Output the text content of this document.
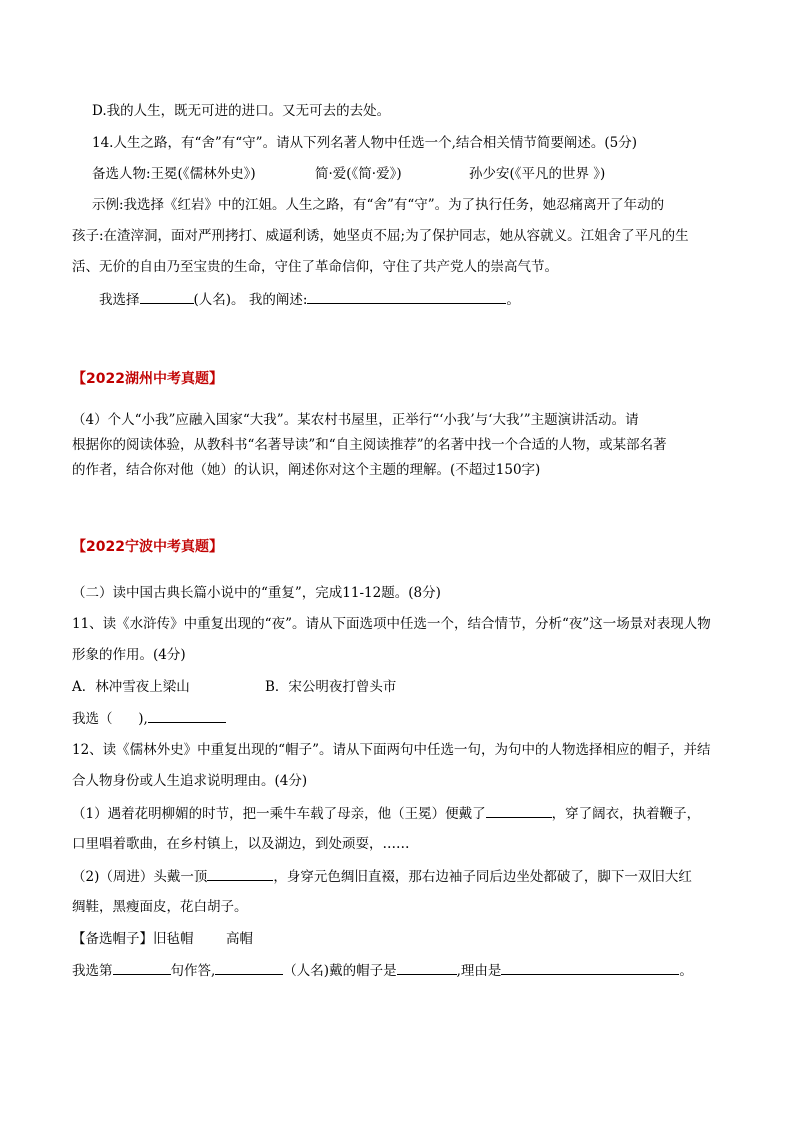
D.我的人生，既无可进的进口。又无可去的去处。
14.人生之路，有“舍”有“守”。请从下列名著人物中任选一个,结合相关情节简要阐述。(5分)
备选人物:王冕(《儒林外史》)	简·爱(《简·爱》)	孙少安(《平凡的世界 》)
示例:我选择《红岩》中的江姐。人生之路，有“舍”有“守”。为了执行任务，她忍痛离开了年动的
孩子:在渣滓洞，面对严刑拷打、威逼利诱，她坚贞不屈;为了保护同志，她从容就义。江姐舍了平凡的生
活、无价的自由乃至宝贵的生命，守住了革命信仰，守住了共产党人的崇高气节。
我选择	(人名)。 我的阐述:	。
【2022湖州中考真题】
（4）个人“小我”应融入国家“大我”。某农村书屋里，正举行“‘小我’与‘大我’”主题演讲活动。请
根据你的阅读体验，从教科书“名著导读”和“自主阅读推荐”的名著中找一个合适的人物，或某部名著
的作者，结合你对他（她）的认识，阐述你对这个主题的理解。(不超过150字)
【2022宁波中考真题】
（二）读中国古典长篇小说中的“重复”，完成11-12题。(8分)
11、读《水浒传》中重复出现的“夜”。请从下面选项中任选一个，结合情节，分析“夜”这一场景对表现人物
形象的作用。(4分)
A．林冲雪夜上梁山	B．宋公明夜打曾头市
我选（      ),
12、读《儒林外史》中重复出现的“帽子”。请从下面两句中任选一句，为句中的人物选择相应的帽子，并结
合人物身份或人生追求说明理由。(4分)
（1）遇着花明柳媚的时节，把一乘牛车载了母亲，他（王冕）便戴了	，穿了阔衣，执着鞭子，
口里唱着歌曲，在乡村镇上，以及湖边，到处顽耍，……
（2)（周进）头戴一顶	，身穿元色绸旧直裰，那右边袖子同后边坐处都破了，脚下一双旧大红
绸鞋，黑瘦面皮，花白胡子。
【备选帽子】旧毡帽 高帽
我选第	句作答,	（人名)戴的帽子是	,理由是	。
